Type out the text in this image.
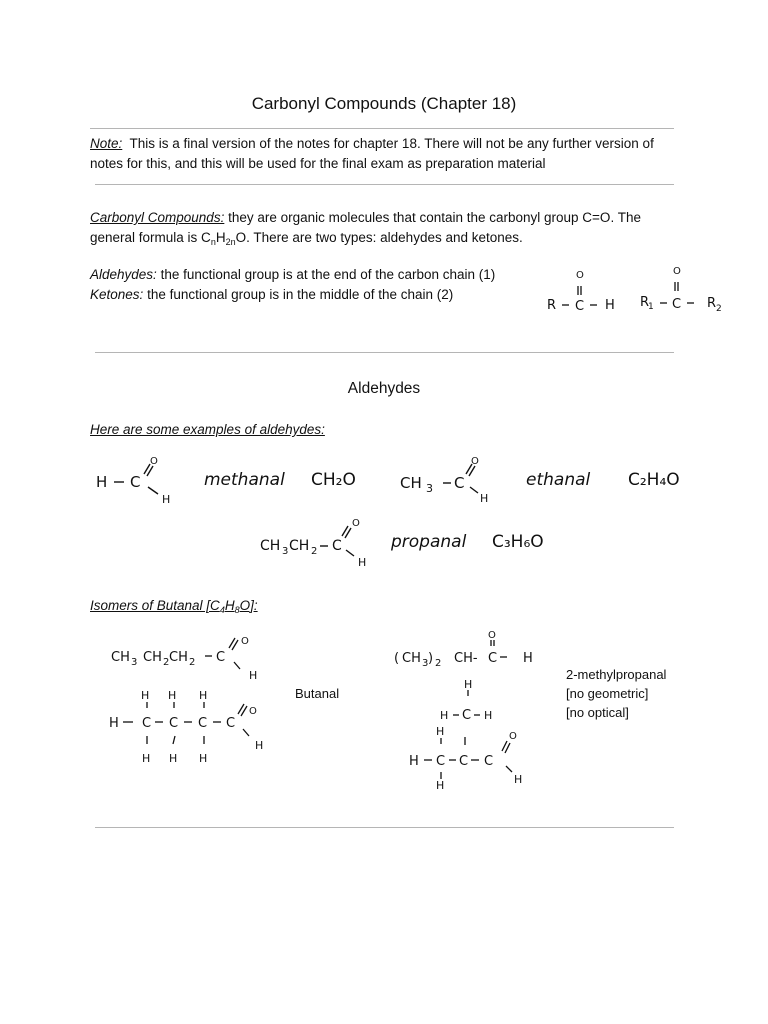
Carbonyl Compounds (Chapter 18)
Note: This is a final version of the notes for chapter 18. There will not be any further version of notes for this, and this will be used for the final exam as preparation material
Carbonyl Compounds: they are organic molecules that contain the carbonyl group C=O. The general formula is $C_nH_{2n}O$. There are two types: aldehydes and ketones.
Aldehydes: the functional group is at the end of the carbon chain (1)
Ketones: the functional group is in the middle of the chain (2)
O
R C H
O
R
1 C R 2
Aldehydes
Here are some examples of aldehydes:
H C
O
H
methanal CH₂O	CH 3 C
O
H
ethanal C₂H₄O
CH 3 CH 2 C
O
H
propanal C₃H₆O
Isomers of Butanal $[C_4H_8O]$:
CH 3 CH 2 CH 2 C
O
H
H H H
H C C C C
O
H
H H H
Butanal
O
( CH 3 ) 2 CH- C H
H
H C H
H
H C C C
O
H
H
2-methylpropanal
[no geometric]
[no optical]
